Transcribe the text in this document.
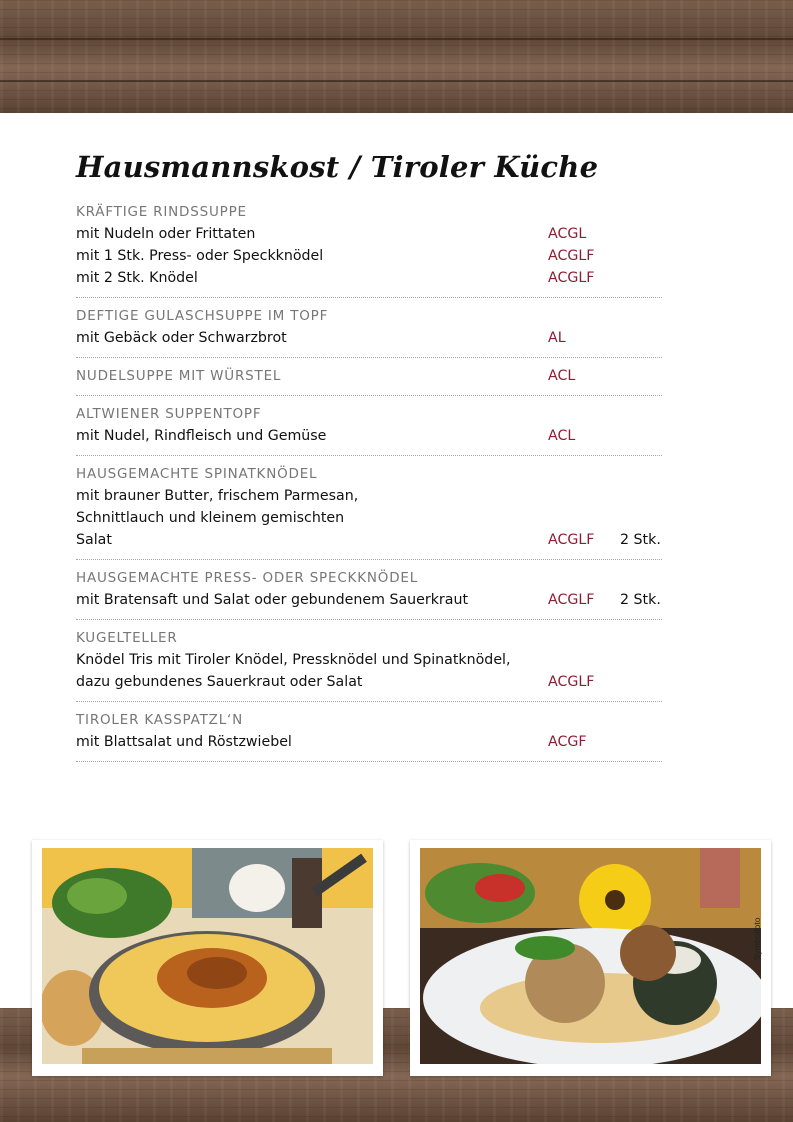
Hausmannskost / Tiroler Küche
KRÄFTIGE RINDSSUPPE
mit Nudeln oder Frittaten	ACGL
mit 1 Stk. Press- oder Speckknödel	ACGLF
mit 2 Stk. Knödel	ACGLF
DEFTIGE GULASCHSUPPE IM TOPF
mit Gebäck oder Schwarzbrot	AL
NUDELSUPPE MIT WÜRSTEL	ACL
ALTWIENER SUPPENTOPF
mit Nudel, Rindfleisch und Gemüse	ACL
HAUSGEMACHTE SPINATKNÖDEL
mit brauner Butter, frischem Parmesan, Schnittlauch und kleinem gemischten Salat	ACGLF 2 Stk.
HAUSGEMACHTE PRESS- ODER SPECKKNÖDEL
mit Bratensaft und Salat oder gebundenem Sauerkraut	ACGLF 2 Stk.
KUGELTELLER
Knödel Tris mit Tiroler Knödel, Pressknödel und Spinatknödel, dazu gebundenes Sauerkraut oder Salat	ACGLF
TIROLER KASSPATZL‘N
mit Blattsalat und Röstzwiebel	ACGF
Symbolfoto
